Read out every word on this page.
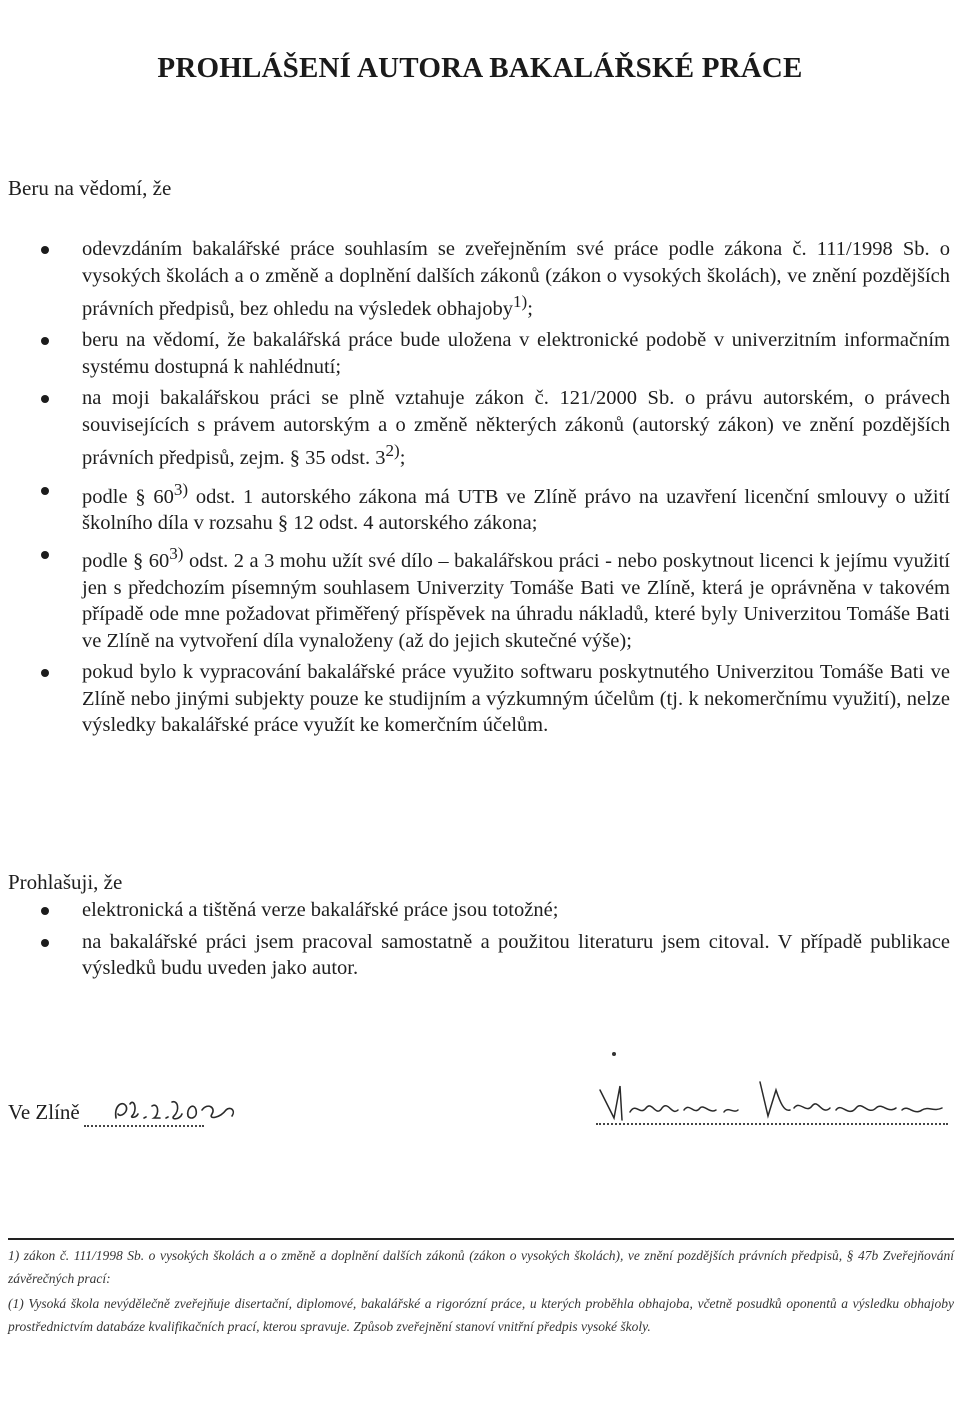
PROHLÁŠENÍ AUTORA BAKALÁŘSKÉ PRÁCE
Beru na vědomí, že
odevzdáním bakalářské práce souhlasím se zveřejněním své práce podle zákona č. 111/1998 Sb. o vysokých školách a o změně a doplnění dalších zákonů (zákon o vysokých školách), ve znění pozdějších právních předpisů, bez ohledu na výsledek obhajoby$^{1)}$;
beru na vědomí, že bakalářská práce bude uložena v elektronické podobě v univerzitním informačním systému dostupná k nahlédnutí;
na moji bakalářskou práci se plně vztahuje zákon č. 121/2000 Sb. o právu autorském, o právech souvisejících s právem autorským a o změně některých zákonů (autorský zákon) ve znění pozdějších právních předpisů, zejm. § 35 odst. 3$^{2)}$;
podle § 60$^{3)}$ odst. 1 autorského zákona má UTB ve Zlíně právo na uzavření licenční smlouvy o užití školního díla v rozsahu § 12 odst. 4 autorského zákona;
podle § 60$^{3)}$ odst. 2 a 3 mohu užít své dílo – bakalářskou práci - nebo poskytnout licenci k jejímu využití jen s předchozím písemným souhlasem Univerzity Tomáše Bati ve Zlíně, která je oprávněna v takovém případě ode mne požadovat přiměřený příspěvek na úhradu nákladů, které byly Univerzitou Tomáše Bati ve Zlíně na vytvoření díla vynaloženy (až do jejich skutečné výše);
pokud bylo k vypracování bakalářské práce využito softwaru poskytnutého Univerzitou Tomáše Bati ve Zlíně nebo jinými subjekty pouze ke studijním a výzkumným účelům (tj. k nekomerčnímu využití), nelze výsledky bakalářské práce využít ke komerčním účelům.
Prohlašuji, že
elektronická a tištěná verze bakalářské práce jsou totožné;
na bakalářské práci jsem pracoval samostatně a použitou literaturu jsem citoval. V případě publikace výsledků budu uveden jako autor.
Ve Zlíně

1) zákon č. 111/1998 Sb. o vysokých školách a o změně a doplnění dalších zákonů (zákon o vysokých školách), ve znění pozdějších právních předpisů, § 47b Zveřejňování závěrečných prací:

(1) Vysoká škola nevýdělečně zveřejňuje disertační, diplomové, bakalářské a rigorózní práce, u kterých proběhla obhajoba, včetně posudků oponentů a výsledku obhajoby prostřednictvím databáze kvalifikačních prací, kterou spravuje. Způsob zveřejnění stanoví vnitřní předpis vysoké školy.
